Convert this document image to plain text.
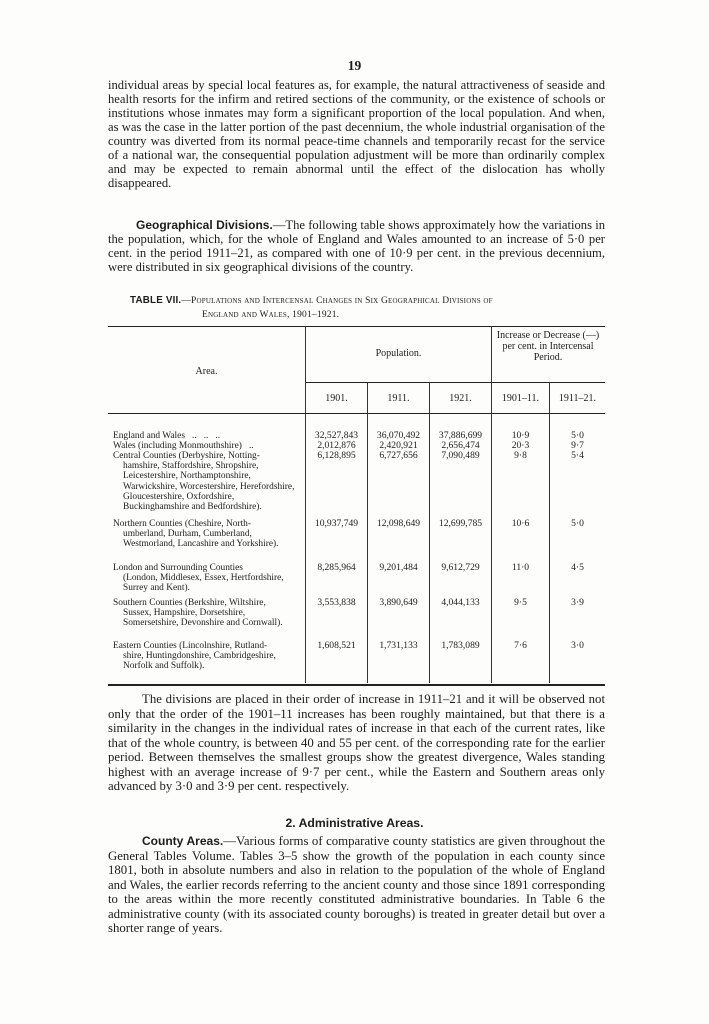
19

individual areas by special local features as, for example, the natural attractiveness of seaside and health resorts for the infirm and retired sections of the community, or the existence of schools or institutions whose inmates may form a significant proportion of the local population. And when, as was the case in the latter portion of the past decennium, the whole industrial organisation of the country was diverted from its normal peace-time channels and temporarily recast for the service of a national war, the consequential population adjustment will be more than ordinarily complex and may be expected to remain abnormal until the effect of the dislocation has wholly disappeared.

Geographical Divisions.—The following table shows approximately how the variations in the population, which, for the whole of England and Wales amounted to an increase of 5·0 per cent. in the period 1911–21, as compared with one of 10·9 per cent. in the previous decennium, were distributed in six geographical divisions of the country.

TABLE VII.—Populations and Intercensal Changes in Six Geographical Divisions of
England and Wales, 1901–1921.
Area.
Population.
Increase or Decrease (—) per cent. in Intercensal Period.
1901.	1911.	1921.	1901–11.	1911–21.
England and Wales   ..   ..   ..	32,527,843	36,070,492	37,886,699	10·9	5·0
Wales (including Monmouthshire)   ..	2,012,876	2,420,921	2,656,474	20·3	9·7
Central Counties (Derbyshire, Notting-
hamshire, Staffordshire, Shropshire, Leicestershire, Northamptonshire, Warwickshire, Worcestershire, Herefordshire, Gloucestershire, Oxfordshire, Buckinghamshire and Bedfordshire).
6,128,895	6,727,656	7,090,489	9·8	5·4
Northern Counties (Cheshire, North-
umberland, Durham, Cumberland, Westmorland, Lancashire and Yorkshire).
10,937,749	12,098,649	12,699,785	10·6	5·0
London and Surrounding Counties
(London, Middlesex, Essex, Hertfordshire, Surrey and Kent).
8,285,964	9,201,484	9,612,729	11·0	4·5
Southern Counties (Berkshire, Wiltshire,
Sussex, Hampshire, Dorsetshire, Somersetshire, Devonshire and Cornwall).
3,553,838	3,890,649	4,044,133	9·5	3·9
Eastern Counties (Lincolnshire, Rutland-
shire, Huntingdonshire, Cambridgeshire, Norfolk and Suffolk).
1,608,521	1,731,133	1,783,089	7·6	3·0

The divisions are placed in their order of increase in 1911–21 and it will be observed not only that the order of the 1901–11 increases has been roughly maintained, but that there is a similarity in the changes in the individual rates of increase in that each of the current rates, like that of the whole country, is between 40 and 55 per cent. of the corresponding rate for the earlier period. Between themselves the smallest groups show the greatest divergence, Wales standing highest with an average increase of 9·7 per cent., while the Eastern and Southern areas only advanced by 3·0 and 3·9 per cent. respectively.

2. Administrative Areas.

County Areas.—Various forms of comparative county statistics are given throughout the General Tables Volume. Tables 3–5 show the growth of the population in each county since 1801, both in absolute numbers and also in relation to the population of the whole of England and Wales, the earlier records referring to the ancient county and those since 1891 corresponding to the areas within the more recently constituted administrative boundaries. In Table 6 the administrative county (with its associated county boroughs) is treated in greater detail but over a shorter range of years.
